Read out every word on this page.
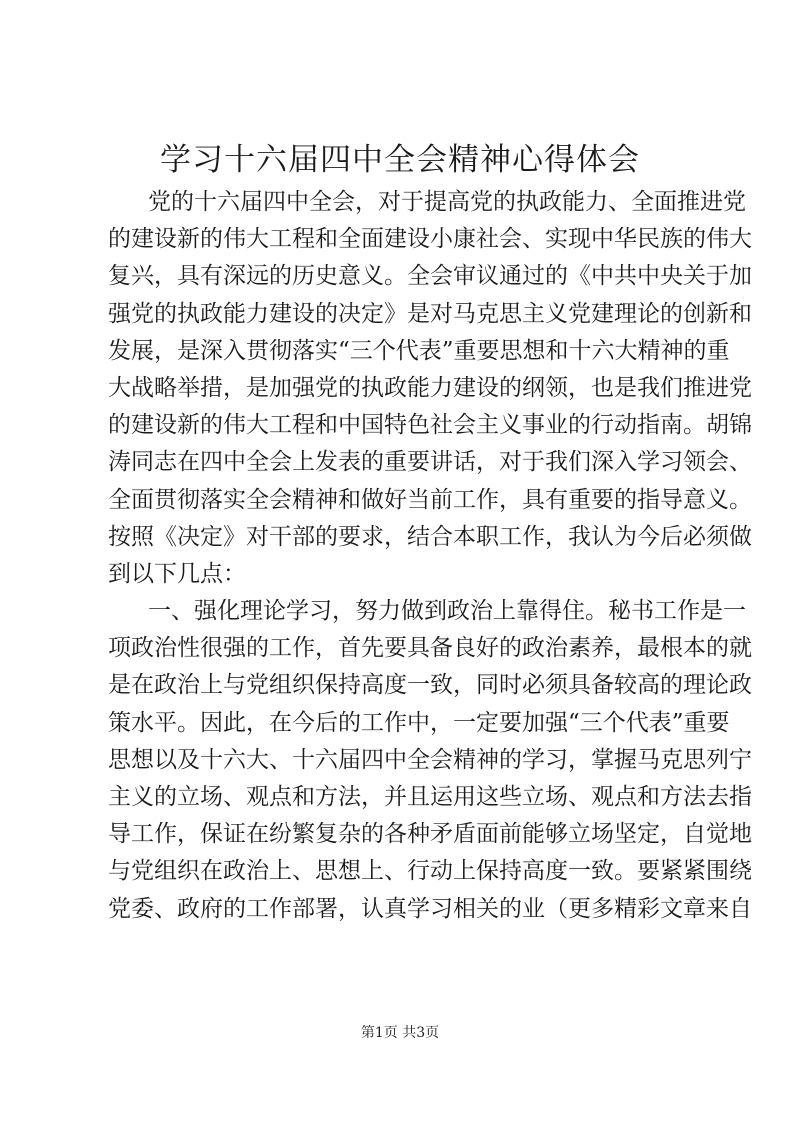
学习十六届四中全会精神心得体会
党的十六届四中全会，对于提高党的执政能力、全面推进党
的建设新的伟大工程和全面建设小康社会、实现中华民族的伟大
复兴，具有深远的历史意义。全会审议通过的《中共中央关于加
强党的执政能力建设的决定》是对马克思主义党建理论的创新和
发展，是深入贯彻落实“三个代表”重要思想和十六大精神的重
大战略举措，是加强党的执政能力建设的纲领，也是我们推进党
的建设新的伟大工程和中国特色社会主义事业的行动指南。胡锦
涛同志在四中全会上发表的重要讲话，对于我们深入学习领会、
全面贯彻落实全会精神和做好当前工作，具有重要的指导意义。
按照《决定》对干部的要求，结合本职工作，我认为今后必须做
到以下几点：
一、强化理论学习，努力做到政治上靠得住。秘书工作是一
项政治性很强的工作，首先要具备良好的政治素养，最根本的就
是在政治上与党组织保持高度一致，同时必须具备较高的理论政
策水平。因此，在今后的工作中，一定要加强“三个代表”重要
思想以及十六大、十六届四中全会精神的学习，掌握马克思列宁
主义的立场、观点和方法，并且运用这些立场、观点和方法去指
导工作，保证在纷繁复杂的各种矛盾面前能够立场坚定，自觉地
与党组织在政治上、思想上、行动上保持高度一致。要紧紧围绕
党委、政府的工作部署，认真学习相关的业（更多精彩文章来自
第1页 共3页
